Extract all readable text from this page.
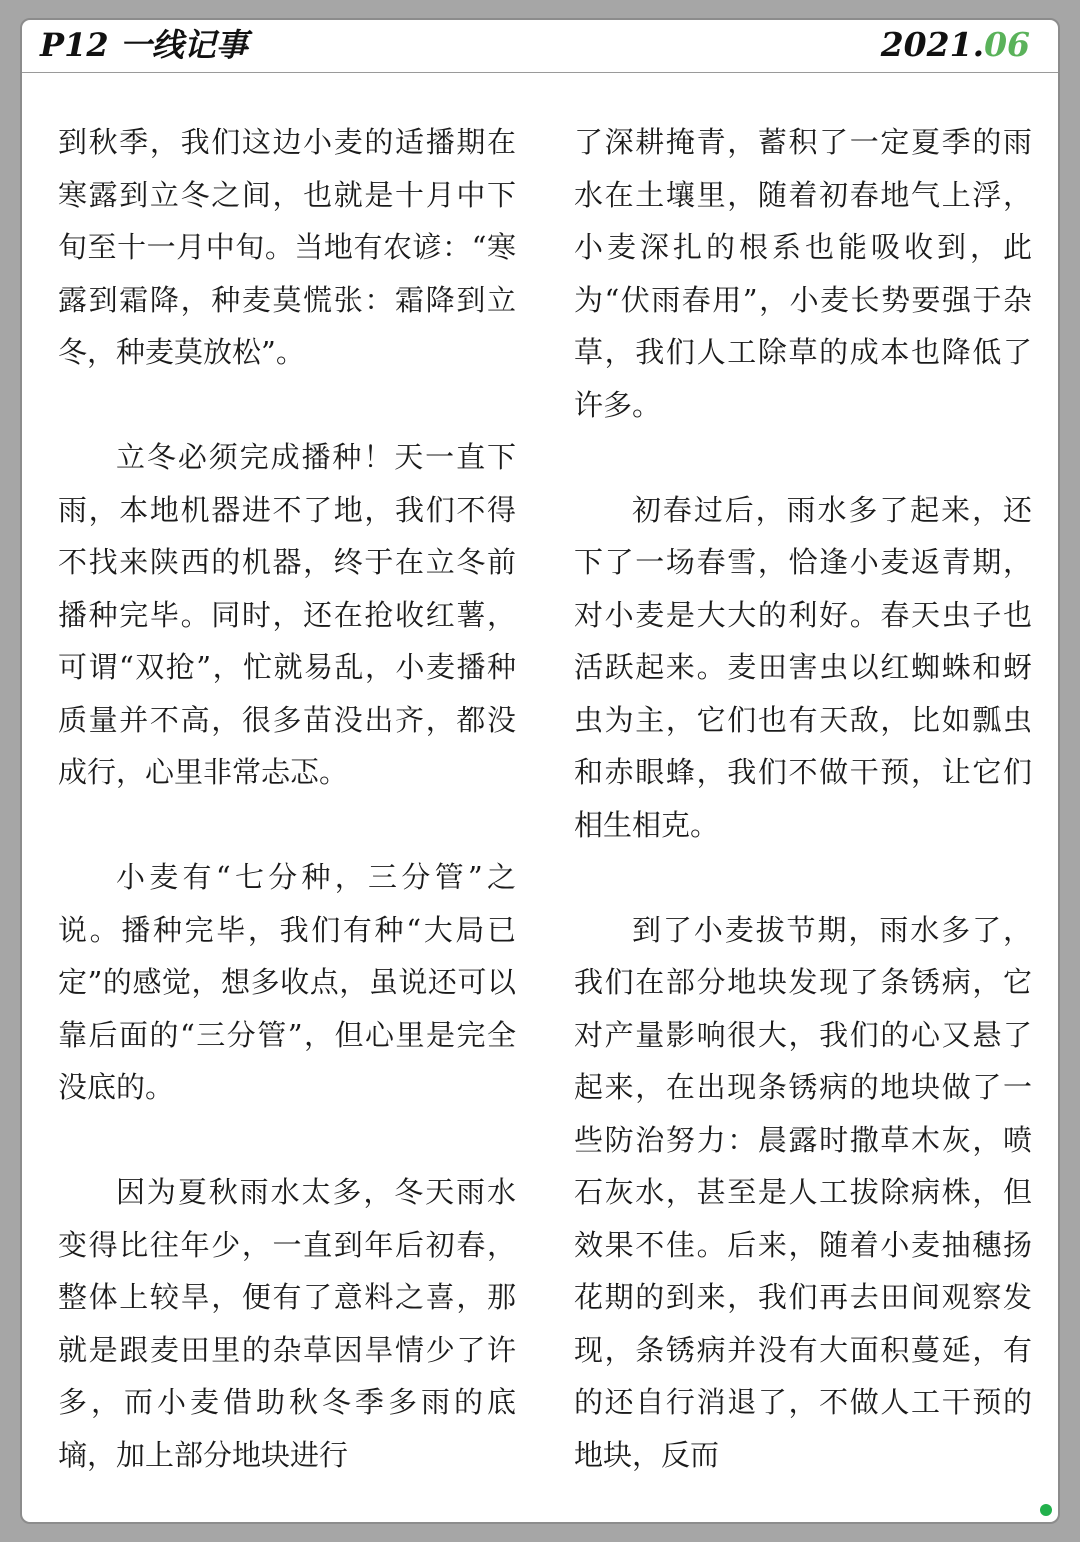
P12 一线记事	2021.06

到秋季，我们这边小麦的适播期在寒露到立冬之间，也就是十月中下旬至十一月中旬。当地有农谚：“寒露到霜降，种麦莫慌张：霜降到立冬，种麦莫放松”。

立冬必须完成播种！天一直下雨，本地机器进不了地，我们不得不找来陕西的机器，终于在立冬前播种完毕。同时，还在抢收红薯，可谓“双抢”，忙就易乱，小麦播种质量并不高，很多苗没出齐，都没成行，心里非常忐忑。

小麦有“七分种，三分管”之说。播种完毕，我们有种“大局已定”的感觉，想多收点，虽说还可以靠后面的“三分管”，但心里是完全没底的。

因为夏秋雨水太多，冬天雨水变得比往年少，一直到年后初春，整体上较旱，便有了意料之喜，那就是跟麦田里的杂草因旱情少了许多，而小麦借助秋冬季多雨的底墒，加上部分地块进行

了深耕掩青，蓄积了一定夏季的雨水在土壤里，随着初春地气上浮，小麦深扎的根系也能吸收到，此为“伏雨春用”，小麦长势要强于杂草，我们人工除草的成本也降低了许多。

初春过后，雨水多了起来，还下了一场春雪，恰逢小麦返青期，对小麦是大大的利好。春天虫子也活跃起来。麦田害虫以红蜘蛛和蚜虫为主，它们也有天敌，比如瓢虫和赤眼蜂，我们不做干预，让它们相生相克。

到了小麦拔节期，雨水多了，我们在部分地块发现了条锈病，它对产量影响很大，我们的心又悬了起来，在出现条锈病的地块做了一些防治努力：晨露时撒草木灰，喷石灰水，甚至是人工拔除病株，但效果不佳。后来，随着小麦抽穗扬花期的到来，我们再去田间观察发现，条锈病并没有大面积蔓延，有的还自行消退了，不做人工干预的地块，反而
